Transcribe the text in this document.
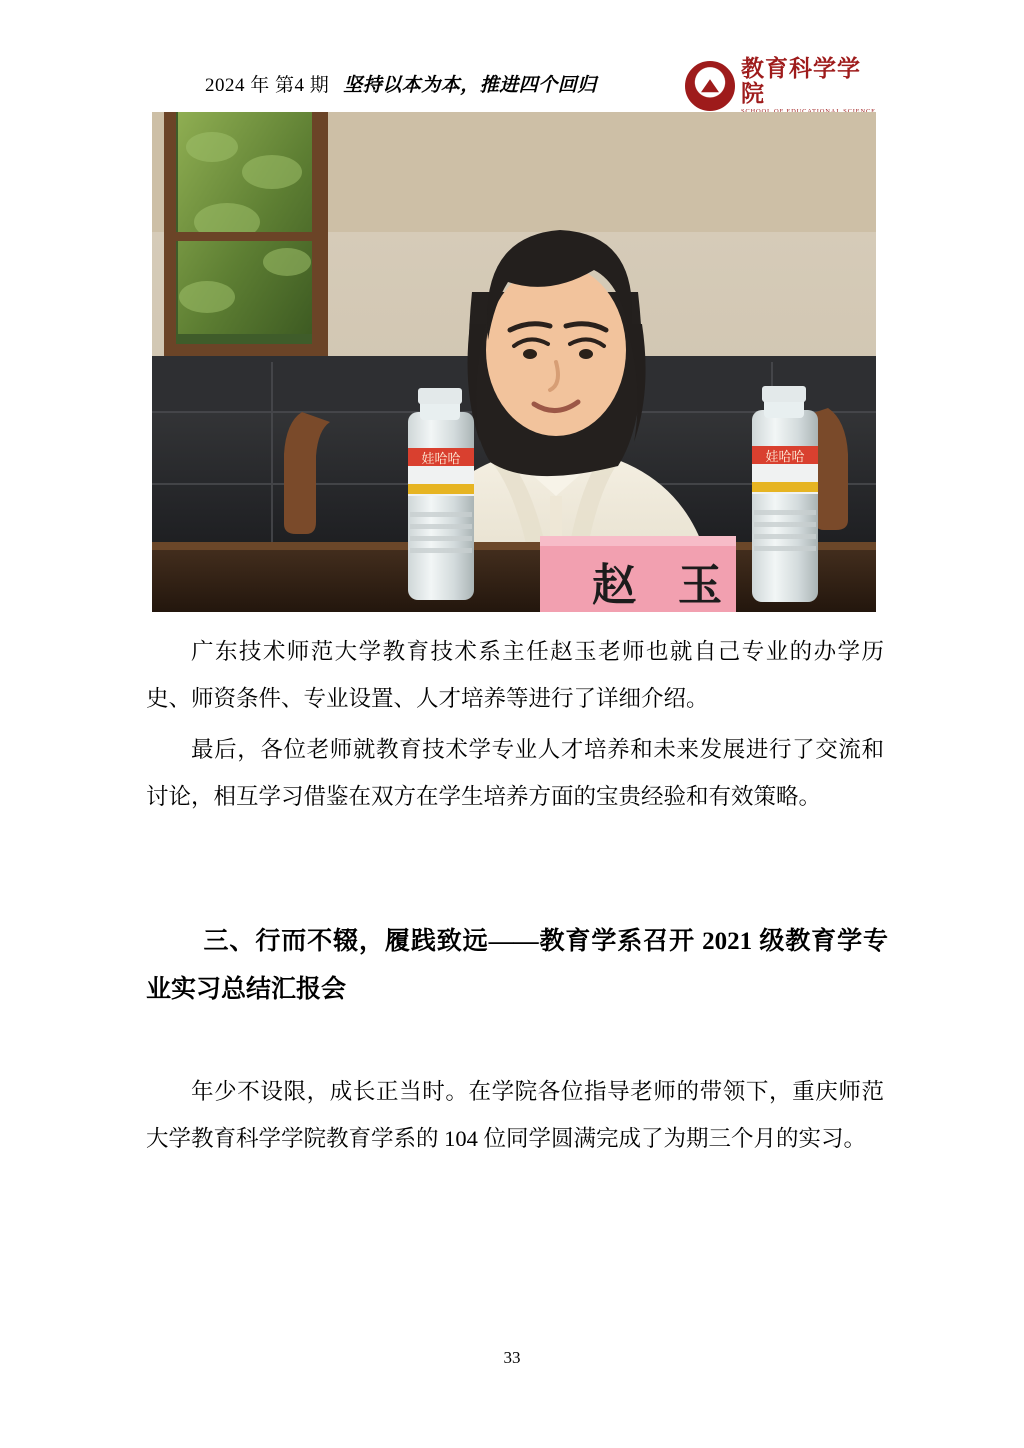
2024 年 第4 期 坚持以本为本，推进四个回归
教育科学学院
娃哈哈	娃哈哈
赵 玉

广东技术师范大学教育技术系主任赵玉老师也就自己专业的办学历史、师资条件、专业设置、人才培养等进行了详细介绍。

最后，各位老师就教育技术学专业人才培养和未来发展进行了交流和讨论，相互学习借鉴在双方在学生培养方面的宝贵经验和有效策略。

三、行而不辍，履践致远——教育学系召开 2021 级教育学专业实习总结汇报会

年少不设限，成长正当时。在学院各位指导老师的带领下，重庆师范大学教育科学学院教育学系的 104 位同学圆满完成了为期三个月的实习。

33
